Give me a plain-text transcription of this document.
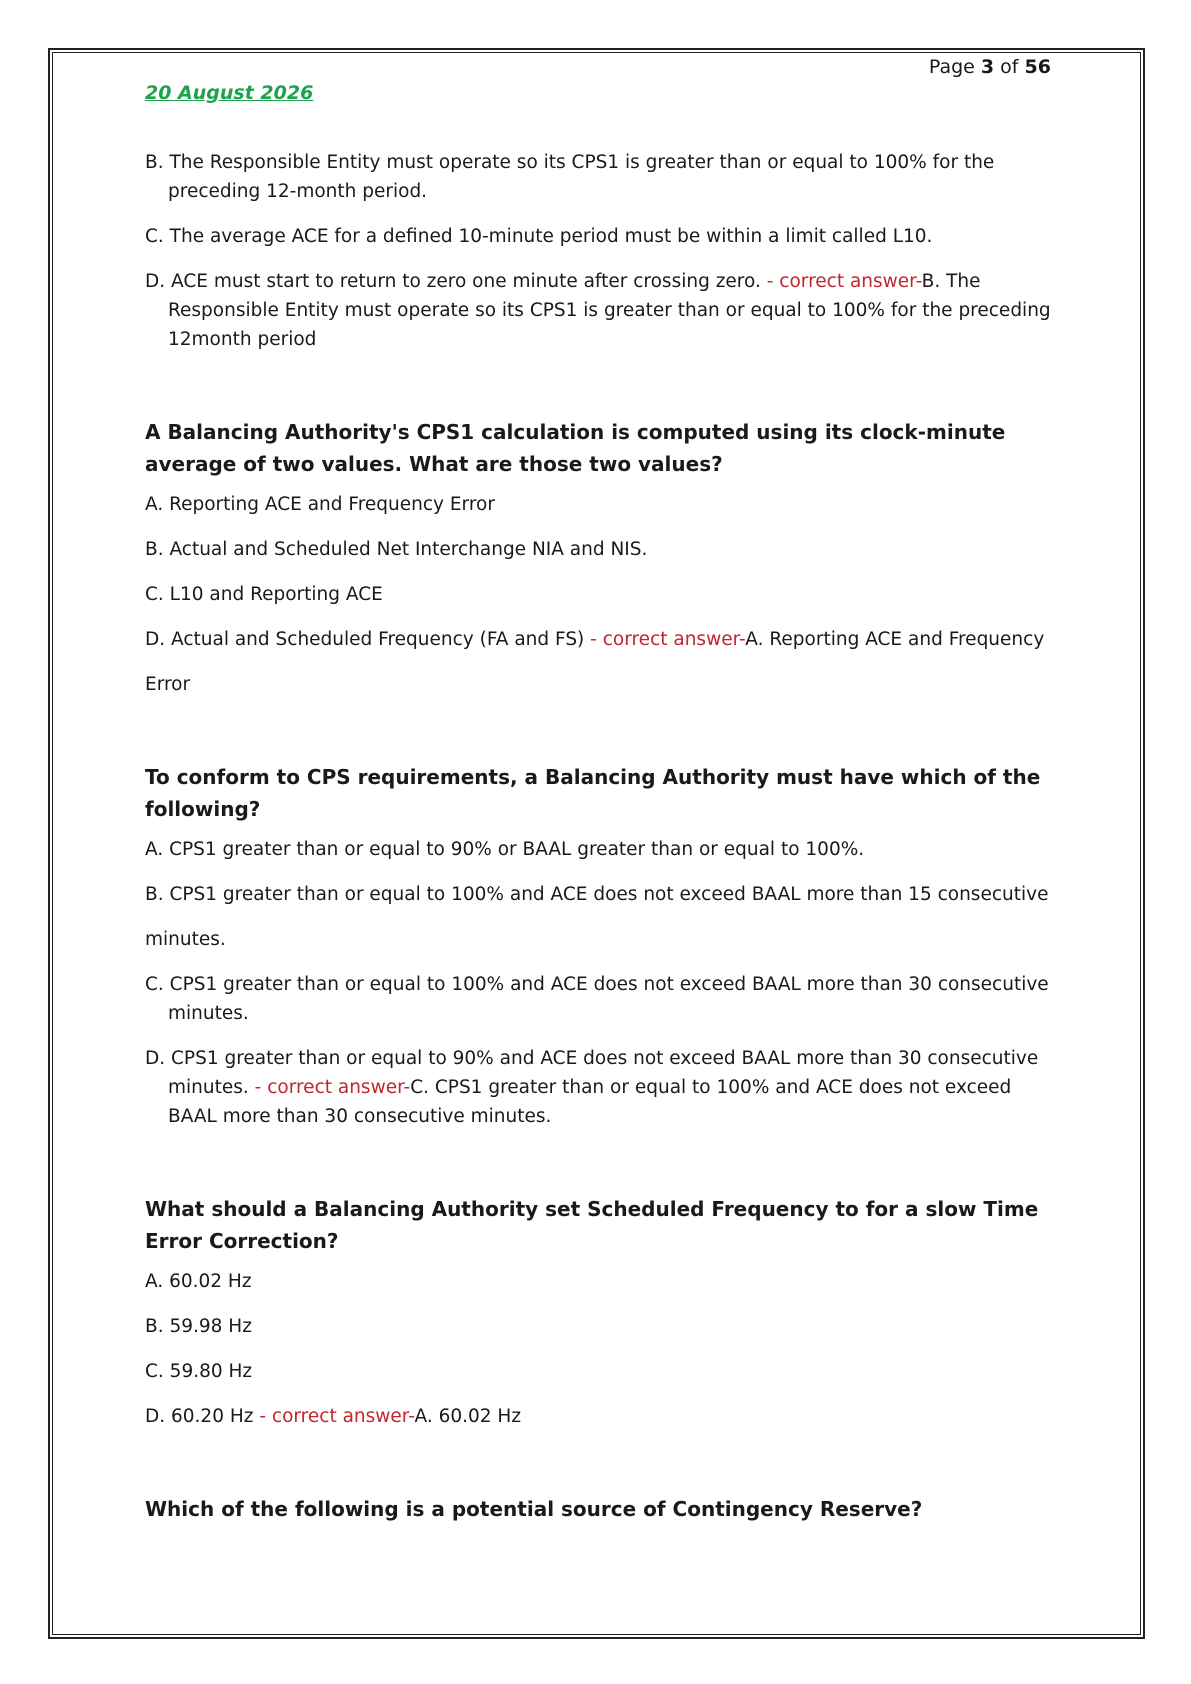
Page 3 of 56
20 August 2026

B. The Responsible Entity must operate so its CPS1 is greater than or equal to 100% for the preceding 12-month period.

C. The average ACE for a defined 10-minute period must be within a limit called L10.

D. ACE must start to return to zero one minute after crossing zero. - correct answer-B. The Responsible Entity must operate so its CPS1 is greater than or equal to 100% for the preceding 12month period

A Balancing Authority's CPS1 calculation is computed using its clock-minute average of two values. What are those two values?

A. Reporting ACE and Frequency Error

B. Actual and Scheduled Net Interchange NIA and NIS.

C. L10 and Reporting ACE

D. Actual and Scheduled Frequency (FA and FS) - correct answer-A. Reporting ACE and Frequency

Error

To conform to CPS requirements, a Balancing Authority must have which of the following?

A. CPS1 greater than or equal to 90% or BAAL greater than or equal to 100%.

B. CPS1 greater than or equal to 100% and ACE does not exceed BAAL more than 15 consecutive

minutes.

C. CPS1 greater than or equal to 100% and ACE does not exceed BAAL more than 30 consecutive minutes.

D. CPS1 greater than or equal to 90% and ACE does not exceed BAAL more than 30 consecutive minutes. - correct answer-C. CPS1 greater than or equal to 100% and ACE does not exceed BAAL more than 30 consecutive minutes.

What should a Balancing Authority set Scheduled Frequency to for a slow Time Error Correction?

A. 60.02 Hz

B. 59.98 Hz

C. 59.80 Hz

D. 60.20 Hz - correct answer-A. 60.02 Hz

Which of the following is a potential source of Contingency Reserve?
